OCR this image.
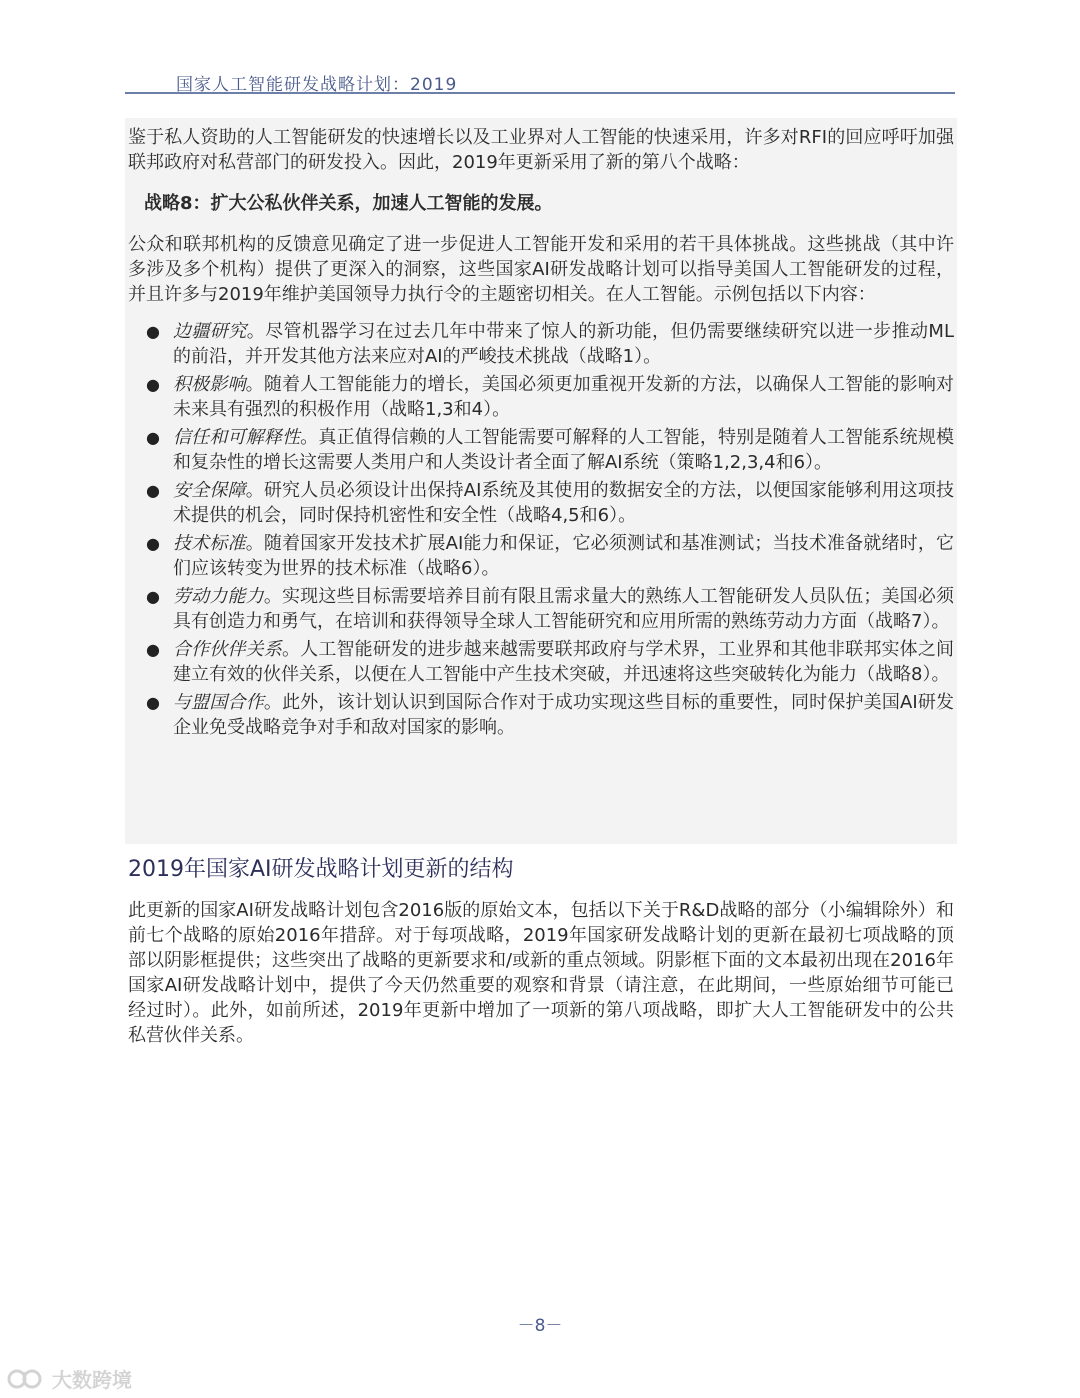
国家人工智能研发战略计划：2019

鉴于私人资助的人工智能研发的快速增长以及工业界对人工智能的快速采用，许多对RFI的回应呼吁加强联邦政府对私营部门的研发投入。因此，2019年更新采用了新的第八个战略：

战略8：扩大公私伙伴关系，加速人工智能的发展。

公众和联邦机构的反馈意见确定了进一步促进人工智能开发和采用的若干具体挑战。这些挑战（其中许多涉及多个机构）提供了更深入的洞察，这些国家AI研发战略计划可以指导美国人工智能研发的过程，并且许多与2019年维护美国领导力执行令的主题密切相关。在人工智能。示例包括以下内容：

● 边疆研究。尽管机器学习在过去几年中带来了惊人的新功能，但仍需要继续研究以进一步推动ML的前沿，并开发其他方法来应对AI的严峻技术挑战（战略1）。
● 积极影响。随着人工智能能力的增长，美国必须更加重视开发新的方法，以确保人工智能的影响对未来具有强烈的积极作用（战略1,3和4）。
● 信任和可解释性。真正值得信赖的人工智能需要可解释的人工智能，特别是随着人工智能系统规模和复杂性的增长这需要人类用户和人类设计者全面了解AI系统（策略1,2,3,4和6）。
● 安全保障。研究人员必须设计出保持AI系统及其使用的数据安全的方法，以便国家能够利用这项技术提供的机会，同时保持机密性和安全性（战略4,5和6）。
● 技术标准。随着国家开发技术扩展AI能力和保证，它必须测试和基准测试；当技术准备就绪时，它们应该转变为世界的技术标准（战略6）。
● 劳动力能力。实现这些目标需要培养目前有限且需求量大的熟练人工智能研发人员队伍；美国必须具有创造力和勇气，在培训和获得领导全球人工智能研究和应用所需的熟练劳动力方面（战略7）。
● 合作伙伴关系。人工智能研发的进步越来越需要联邦政府与学术界，工业界和其他非联邦实体之间建立有效的伙伴关系，以便在人工智能中产生技术突破，并迅速将这些突破转化为能力（战略8）。
● 与盟国合作。此外，该计划认识到国际合作对于成功实现这些目标的重要性，同时保护美国AI研发企业免受战略竞争对手和敌对国家的影响。
2019年国家AI研发战略计划更新的结构

此更新的国家AI研发战略计划包含2016版的原始文本，包括以下关于R&D战略的部分（小编辑除外）和前七个战略的原始2016年措辞。对于每项战略，2019年国家研发战略计划的更新在最初七项战略的顶部以阴影框提供；这些突出了战略的更新要求和/或新的重点领域。阴影框下面的文本最初出现在2016年国家AI研发战略计划中，提供了今天仍然重要的观察和背景（请注意，在此期间，一些原始细节可能已经过时）。此外，如前所述，2019年更新中增加了一项新的第八项战略，即扩大人工智能研发中的公共私营伙伴关系。

－8－
大数跨境
